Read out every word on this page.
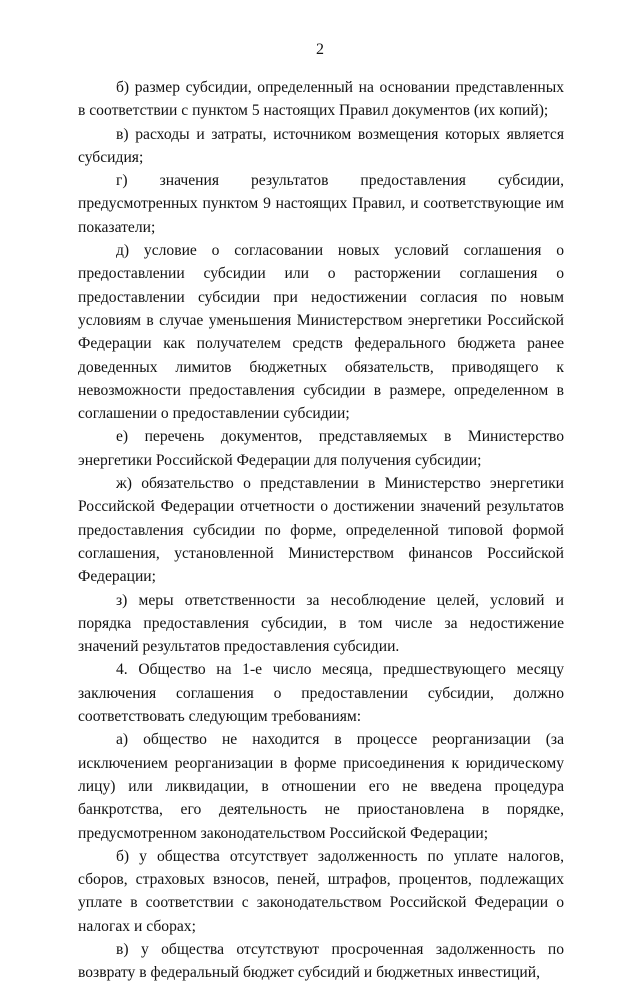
2

б) размер субсидии, определенный на основании представленных в соответствии с пунктом 5 настоящих Правил документов (их копий);

в) расходы и затраты, источником возмещения которых является субсидия;

г) значения результатов предоставления субсидии, предусмотренных пунктом 9 настоящих Правил, и соответствующие им показатели;

д) условие о согласовании новых условий соглашения о предоставлении субсидии или о расторжении соглашения о предоставлении субсидии при недостижении согласия по новым условиям в случае уменьшения Министерством энергетики Российской Федерации как получателем средств федерального бюджета ранее доведенных лимитов бюджетных обязательств, приводящего к невозможности предоставления субсидии в размере, определенном в соглашении о предоставлении субсидии;

е) перечень документов, представляемых в Министерство энергетики Российской Федерации для получения субсидии;

ж) обязательство о представлении в Министерство энергетики Российской Федерации отчетности о достижении значений результатов предоставления субсидии по форме, определенной типовой формой соглашения, установленной Министерством финансов Российской Федерации;

з) меры ответственности за несоблюдение целей, условий и порядка предоставления субсидии, в том числе за недостижение значений результатов предоставления субсидии.

4. Общество на 1-е число месяца, предшествующего месяцу заключения соглашения о предоставлении субсидии, должно соответствовать следующим требованиям:

а) общество не находится в процессе реорганизации (за исключением реорганизации в форме присоединения к юридическому лицу) или ликвидации, в отношении его не введена процедура банкротства, его деятельность не приостановлена в порядке, предусмотренном законодательством Российской Федерации;

б) у общества отсутствует задолженность по уплате налогов, сборов, страховых взносов, пеней, штрафов, процентов, подлежащих уплате в соответствии с законодательством Российской Федерации о налогах и сборах;

в) у общества отсутствуют просроченная задолженность по возврату в федеральный бюджет субсидий и бюджетных инвестиций,
